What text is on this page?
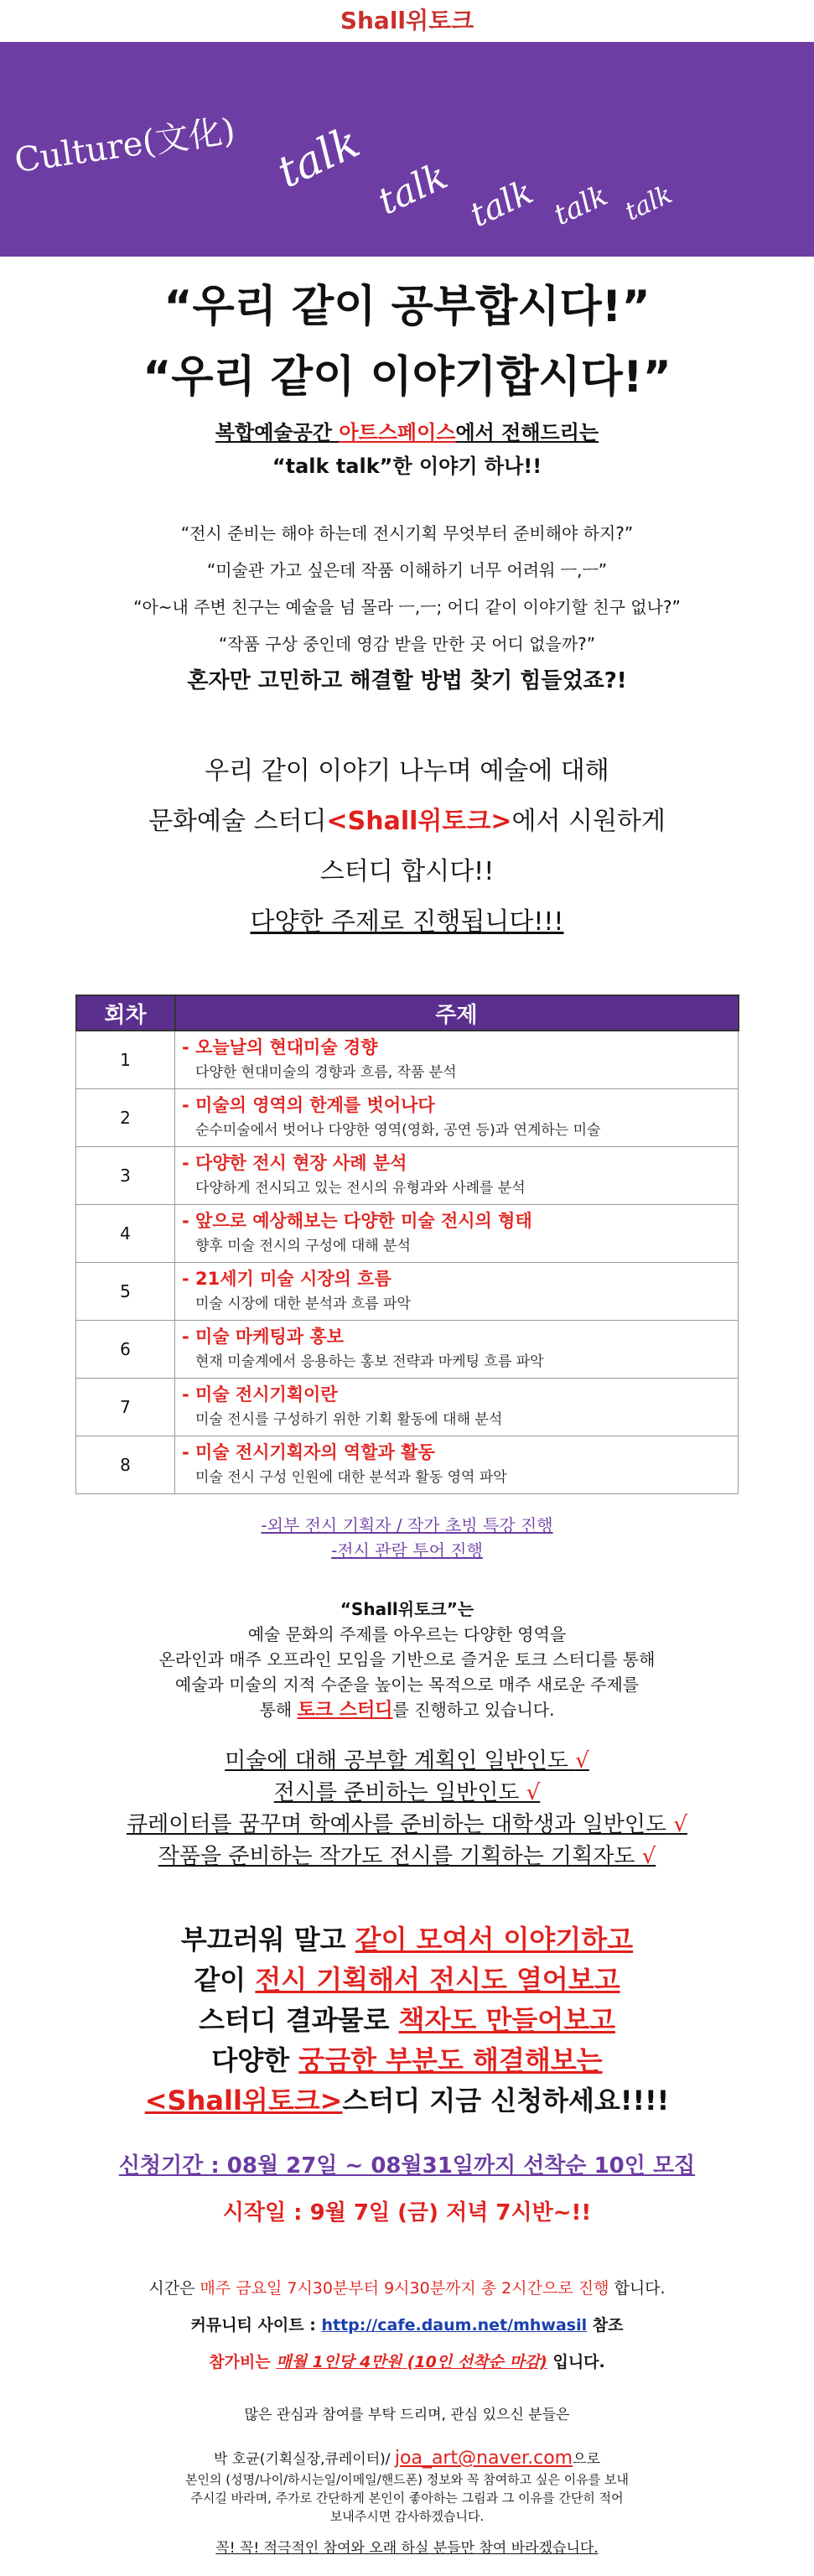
Shall위토크
Culture(文化) talk talk talk talk talk

“우리 같이 공부합시다!”

“우리 같이 이야기합시다!”

복합예술공간 아트스페이스에서 전해드리는

“talk talk”한 이야기 하나!!

“전시 준비는 해야 하는데 전시기획 무엇부터 준비해야 하지?”

“미술관 가고 싶은데 작품 이해하기 너무 어려워 ㅡ,ㅡ”

“아~내 주변 친구는 예술을 넘 몰라 ㅡ,ㅡ; 어디 같이 이야기할 친구 없나?”

“작품 구상 중인데 영감 받을 만한 곳 어디 없을까?”

혼자만 고민하고 해결할 방법 찾기 힘들었죠?!

우리 같이 이야기 나누며 예술에 대해

문화예술 스터디<Shall위토크>에서 시원하게

스터디 합시다!!

다양한 주제로 진행됩니다!!!

회차	주제
1	- 오늘날의 현대미술 경향
다양한 현대미술의 경향과 흐름, 작품 분석

2	- 미술의 영역의 한계를 벗어나다
순수미술에서 벗어나 다양한 영역(영화, 공연 등)과 연계하는 미술

3	- 다양한 전시 현장 사례 분석
다양하게 전시되고 있는 전시의 유형과와 사례를 분석

4	- 앞으로 예상해보는 다양한 미술 전시의 형태
향후 미술 전시의 구성에 대해 분석

5	- 21세기 미술 시장의 흐름
미술 시장에 대한 분석과 흐름 파악

6	- 미술 마케팅과 홍보
현재 미술계에서 응용하는 홍보 전략과 마케팅 흐름 파악

7	- 미술 전시기획이란
미술 전시를 구성하기 위한 기획 활동에 대해 분석

8	- 미술 전시기획자의 역할과 활동
미술 전시 구성 인원에 대한 분석과 활동 영역 파악
-외부 전시 기획자 / 작가 초빙 특강 진행
-전시 관람 투어 진행
“Shall위토크”는
예술 문화의 주제를 아우르는 다양한 영역을
온라인과 매주 오프라인 모임을 기반으로 즐거운 토크 스터디를 통해
예술과 미술의 지적 수준을 높이는 목적으로 매주 새로운 주제를
통해 토크 스터디를 진행하고 있습니다.
미술에 대해 공부할 계획인 일반인도 √
전시를 준비하는 일반인도 √
큐레이터를 꿈꾸며 학예사를 준비하는 대학생과 일반인도 √
작품을 준비하는 작가도 전시를 기획하는 기획자도 √
부끄러워 말고 같이 모여서 이야기하고
같이 전시 기획해서 전시도 열어보고
스터디 결과물로 책자도 만들어보고
다양한 궁금한 부분도 해결해보는
<Shall위토크>스터디 지금 신청하세요!!!!
신청기간 : 08월 27일 ~ 08월31일까지 선착순 10인 모집
시작일 : 9월 7일 (금) 저녁 7시반~!!
시간은 매주 금요일 7시30분부터 9시30분까지 총 2시간으로 진행 합니다.
커뮤니티 사이트 : http://cafe.daum.net/mhwasil 참조
참가비는 매월 1인당 4만원 (10인 선착순 마감) 입니다.
많은 관심과 참여를 부탁 드리며, 관심 있으신 분들은
박 호균(기획실장,큐레이터)/ joa_art@naver.com으로
본인의 (성명/나이/하시는일/이메일/핸드폰) 정보와 꼭 참여하고 싶은 이유를 보내
주시길 바라며, 주가로 간단하게 본인이 좋아하는 그림과 그 이유를 간단히 적어
보내주시면 감사하겠습니다.
꼭! 꼭! 적극적인 참여와 오래 하실 분들만 참여 바라겠습니다.
